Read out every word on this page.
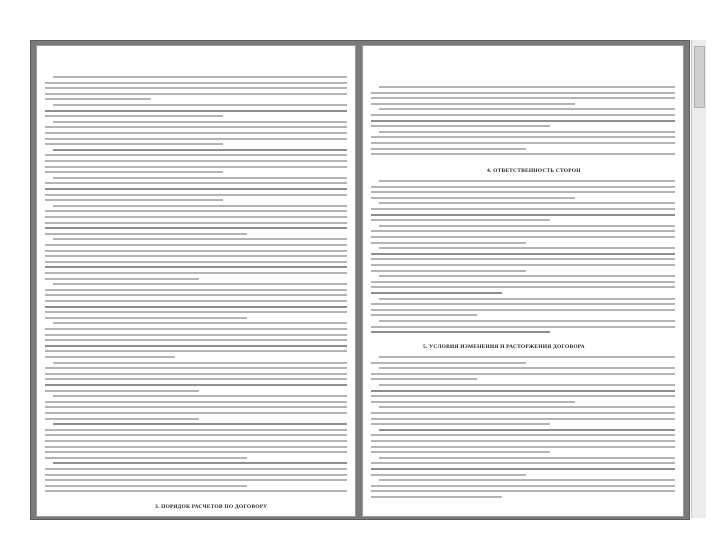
3. ПОРЯДОК РАСЧЕТОВ ПО ДОГОВОРУ
4. ОТВЕТСТВЕННОСТЬ СТОРОН
5. УСЛОВИЯ ИЗМЕНЕНИЯ И РАСТОРЖЕНИЯ ДОГОВОРА
